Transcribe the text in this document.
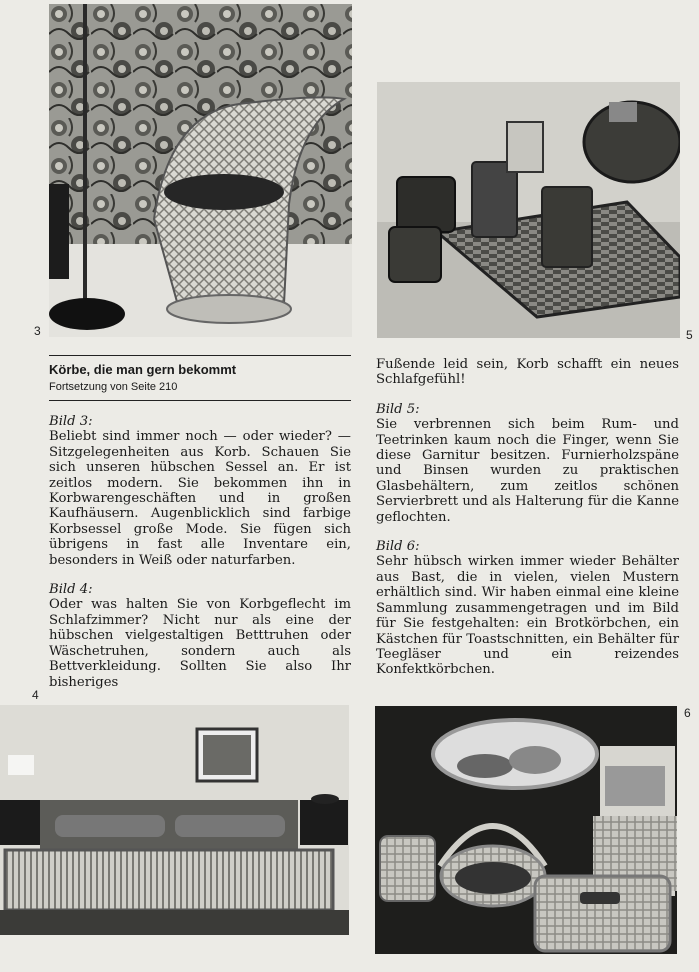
3	5
Körbe, die man gern bekommt
Fortsetzung von Seite 210

Bild 3:

Beliebt sind immer noch — oder wieder? — Sitzgelegenheiten aus Korb. Schauen Sie sich unseren hübschen Sessel an. Er ist zeitlos modern. Sie bekommen ihn in Korbwarengeschäften und in großen Kaufhäusern. Augenblicklich sind farbige Korbsessel große Mode. Sie fügen sich übrigens in fast alle Inventare ein, besonders in Weiß oder naturfarben.

Bild 4:

Oder was halten Sie von Korbgeflecht im Schlafzimmer? Nicht nur als eine der hübschen vielgestaltigen Betttruhen oder Wäschetruhen, sondern auch als Bettverkleidung. Sollten Sie also Ihr bisheriges

Fußende leid sein, Korb schafft ein neues Schlafgefühl!

Bild 5:

Sie verbrennen sich beim Rum- und Teetrinken kaum noch die Finger, wenn Sie diese Garnitur besitzen. Furnierholzspäne und Binsen wurden zu praktischen Glasbehältern, zum zeitlos schönen Servierbrett und als Halterung für die Kanne geflochten.

Bild 6:

Sehr hübsch wirken immer wieder Behälter aus Bast, die in vielen, vielen Mustern erhältlich sind. Wir haben einmal eine kleine Sammlung zusammengetragen und im Bild für Sie festgehalten: ein Brotkörbchen, ein Kästchen für Toastschnitten, ein Behälter für Teegläser und ein reizendes Konfektkörbchen.

4
6
